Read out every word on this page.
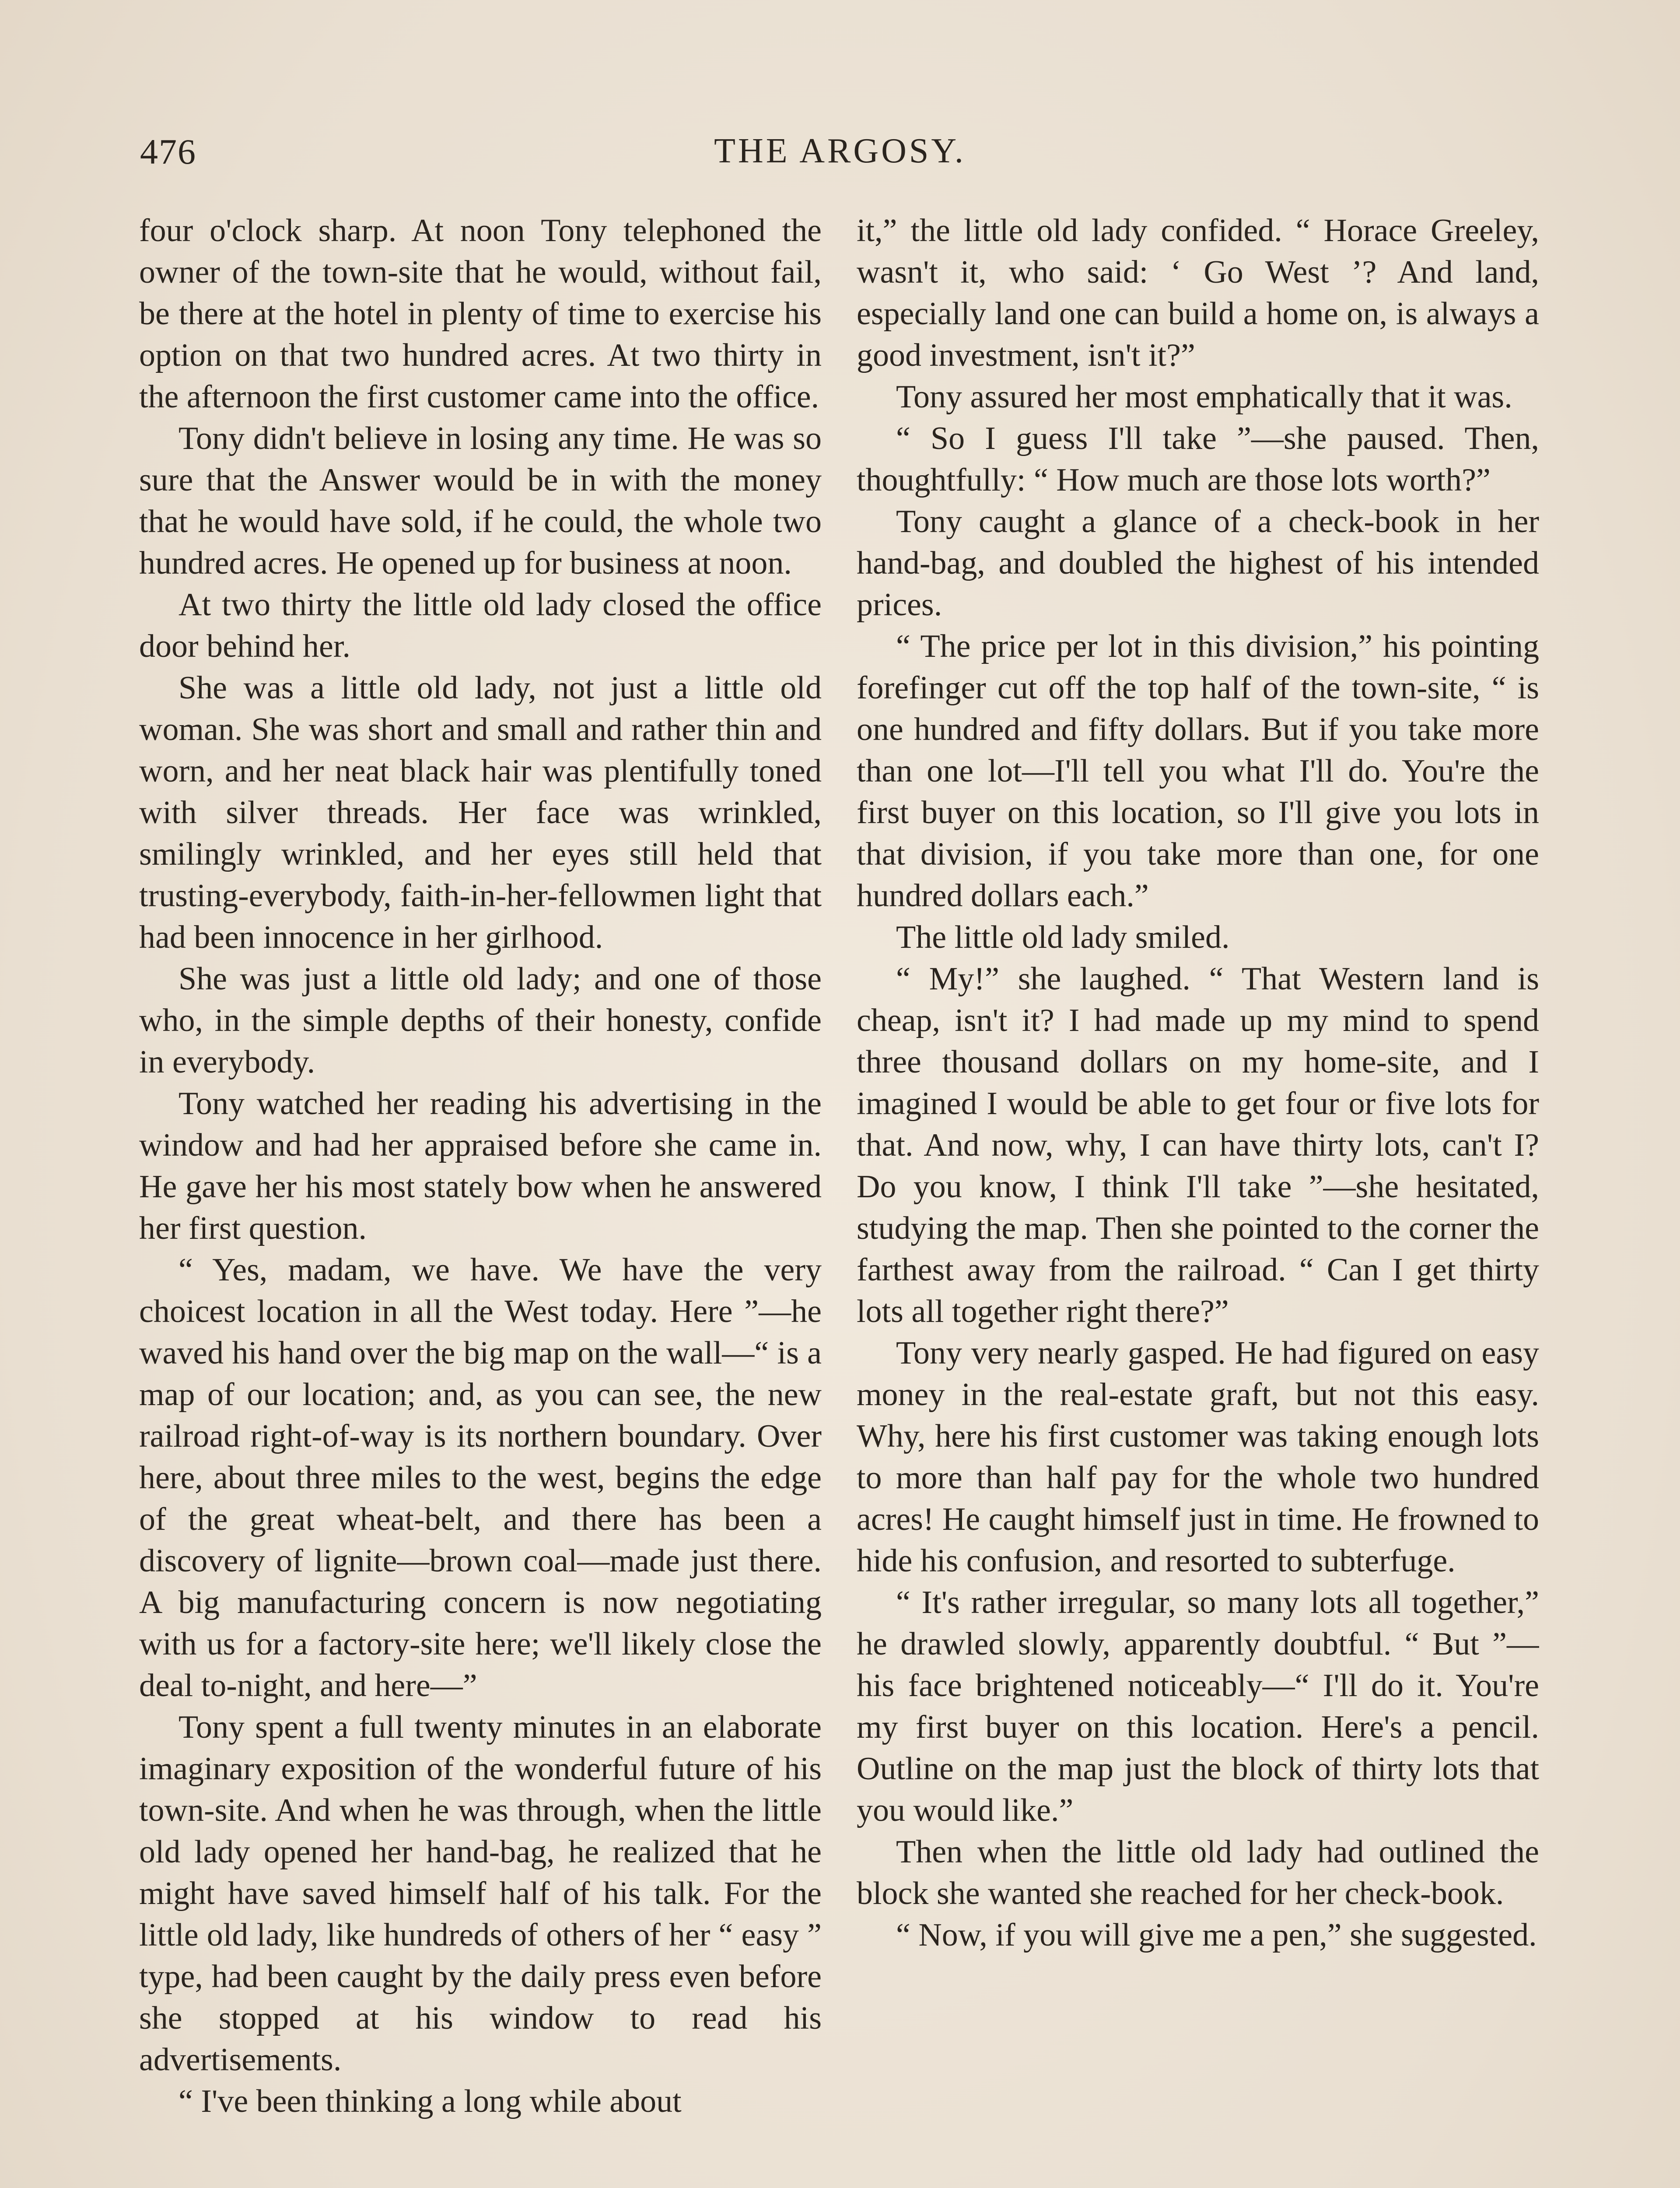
476	THE ARGOSY.

four o'clock sharp. At noon Tony telephoned the owner of the town-site that he would, without fail, be there at the hotel in plenty of time to exercise his option on that two hundred acres. At two thirty in the afternoon the first customer came into the office.

Tony didn't believe in losing any time. He was so sure that the Answer would be in with the money that he would have sold, if he could, the whole two hundred acres. He opened up for business at noon.

At two thirty the little old lady closed the office door behind her.

She was a little old lady, not just a little old woman. She was short and small and rather thin and worn, and her neat black hair was plentifully toned with silver threads. Her face was wrinkled, smilingly wrinkled, and her eyes still held that trusting-everybody, faith-in-her-fellowmen light that had been innocence in her girlhood.

She was just a little old lady; and one of those who, in the simple depths of their honesty, confide in everybody.

Tony watched her reading his advertising in the window and had her appraised before she came in. He gave her his most stately bow when he answered her first question.

“ Yes, madam, we have. We have the very choicest location in all the West today. Here ”—he waved his hand over the big map on the wall—“ is a map of our location; and, as you can see, the new railroad right-of-way is its northern boundary. Over here, about three miles to the west, begins the edge of the great wheat-belt, and there has been a discovery of lignite—brown coal—made just there. A big manufacturing concern is now negotiating with us for a factory-site here; we'll likely close the deal to-night, and here—”

Tony spent a full twenty minutes in an elaborate imaginary exposition of the wonderful future of his town-site. And when he was through, when the little old lady opened her hand-bag, he realized that he might have saved himself half of his talk. For the little old lady, like hundreds of others of her “ easy ” type, had been caught by the daily press even before she stopped at his window to read his advertisements.

“ I've been thinking a long while about

it,” the little old lady confided. “ Horace Greeley, wasn't it, who said: ‘ Go West ’? And land, especially land one can build a home on, is always a good investment, isn't it?”

Tony assured her most emphatically that it was.

“ So I guess I'll take ”—she paused. Then, thoughtfully: “ How much are those lots worth?”

Tony caught a glance of a check-book in her hand-bag, and doubled the highest of his intended prices.

“ The price per lot in this division,” his pointing forefinger cut off the top half of the town-site, “ is one hundred and fifty dollars. But if you take more than one lot—I'll tell you what I'll do. You're the first buyer on this location, so I'll give you lots in that division, if you take more than one, for one hundred dollars each.”

The little old lady smiled.

“ My!” she laughed. “ That Western land is cheap, isn't it? I had made up my mind to spend three thousand dollars on my home-site, and I imagined I would be able to get four or five lots for that. And now, why, I can have thirty lots, can't I? Do you know, I think I'll take ”—she hesitated, studying the map. Then she pointed to the corner the farthest away from the railroad. “ Can I get thirty lots all together right there?”

Tony very nearly gasped. He had figured on easy money in the real-estate graft, but not this easy. Why, here his first customer was taking enough lots to more than half pay for the whole two hundred acres! He caught himself just in time. He frowned to hide his confusion, and resorted to subterfuge.

“ It's rather irregular, so many lots all together,” he drawled slowly, apparently doubtful. “ But ”—his face brightened noticeably—“ I'll do it. You're my first buyer on this location. Here's a pencil. Outline on the map just the block of thirty lots that you would like.”

Then when the little old lady had outlined the block she wanted she reached for her check-book.

“ Now, if you will give me a pen,” she suggested.
